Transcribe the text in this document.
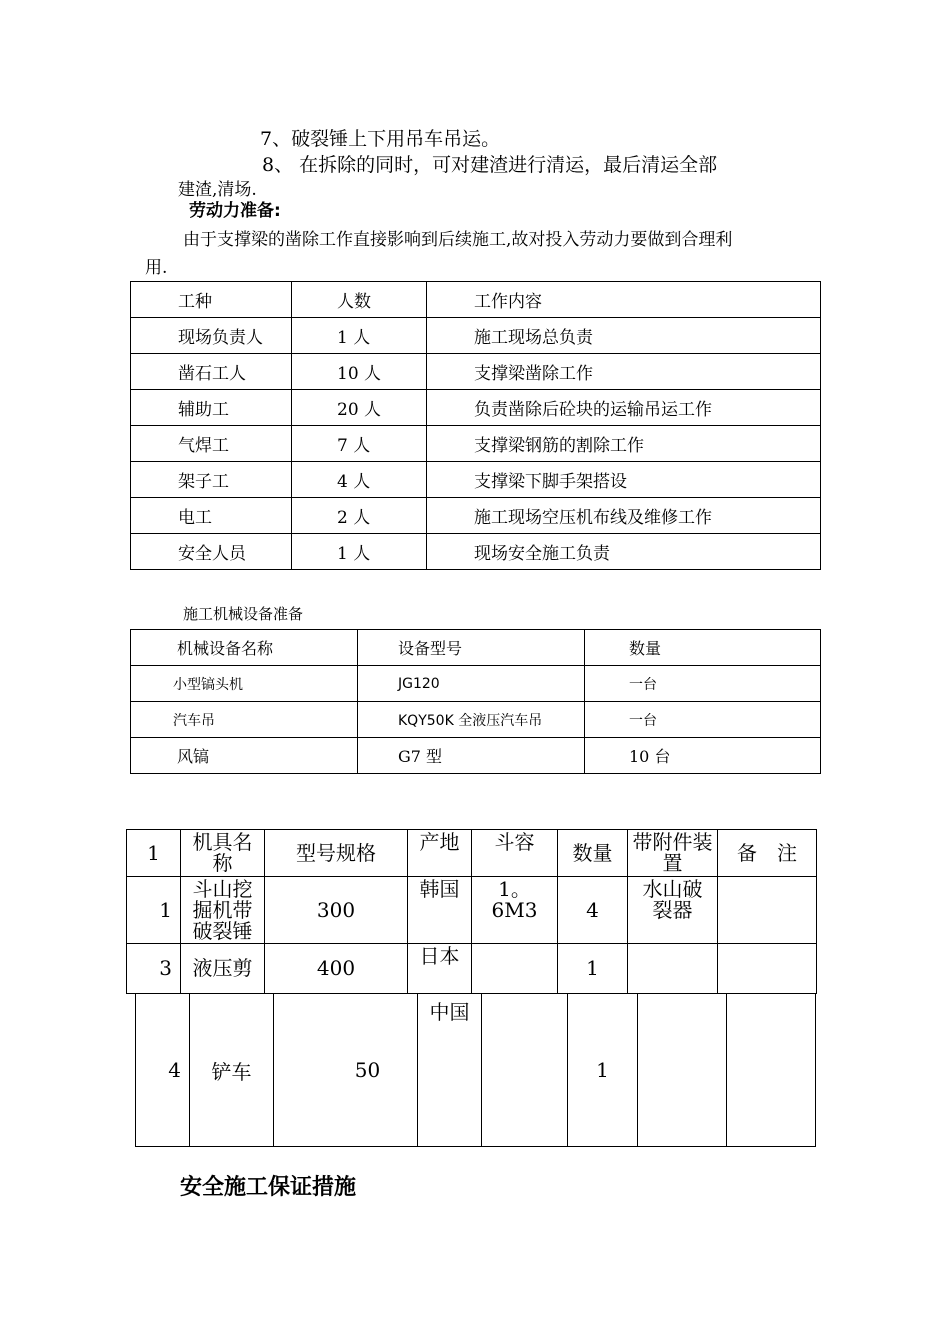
7、破裂锤上下用吊车吊运。
8、 在拆除的同时，可对建渣进行清运，最后清运全部
建渣,清场.
劳动力准备:
由于支撑梁的凿除工作直接影响到后续施工,故对投入劳动力要做到合理利
用.
工种	人数	工作内容
现场负责人	1 人	施工现场总负责
凿石工人	10 人	支撑梁凿除工作
辅助工	20 人	负责凿除后砼块的运输吊运工作
气焊工	7 人	支撑梁钢筋的割除工作
架子工	4 人	支撑梁下脚手架搭设
电工	2 人	施工现场空压机布线及维修工作
安全人员	1 人	现场安全施工负责
施工机械设备准备
机械设备名称	设备型号	数量
小型镐头机	JG120	一台
汽车吊	KQY50K 全液压汽车吊	一台
风镐	G7 型	10 台
1	机具名称	型号规格	产地	斗容	数量	带附件装置	备　注
1	斗山挖掘机带破裂锤	300	韩国	1。6M3	4	水山破裂器	
3	液压剪	400	日本		1		
4	铲车	50	中国		1		
安全施工保证措施
